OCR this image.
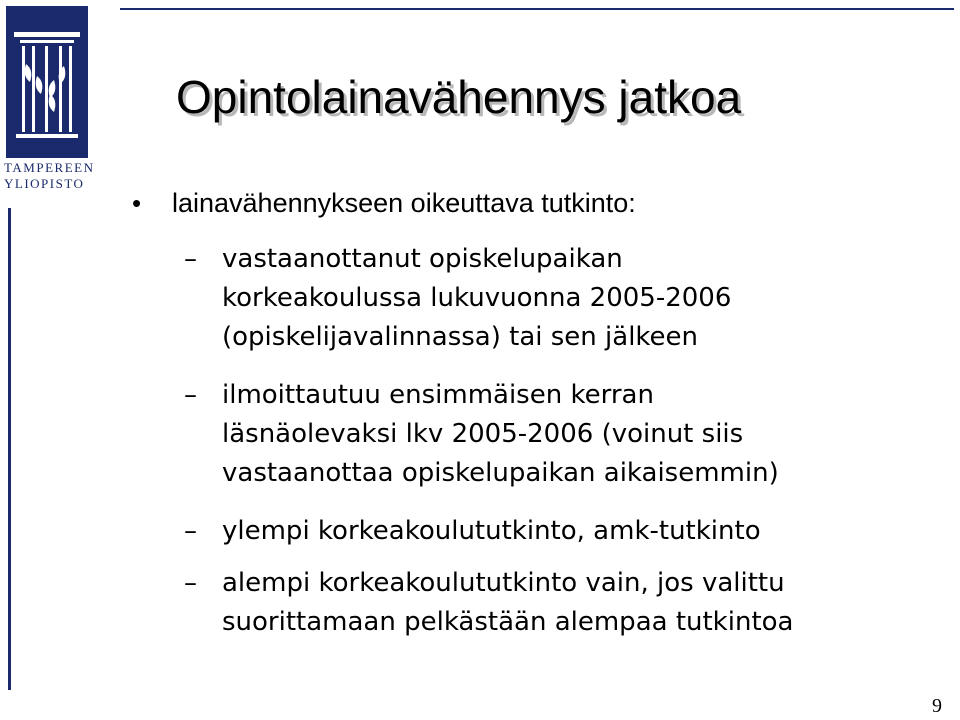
TAMPEREEN
YLIOPISTO
Opintolainavähennys jatkoa
• lainavähennykseen oikeuttava tutkinto:
– vastaanottanut opiskelupaikan
korkeakoulussa lukuvuonna 2005-2006
(opiskelijavalinnassa) tai sen jälkeen
– ilmoittautuu ensimmäisen kerran
läsnäolevaksi lkv 2005-2006 (voinut siis
vastaanottaa opiskelupaikan aikaisemmin)
– ylempi korkeakoulututkinto, amk-tutkinto
– alempi korkeakoulututkinto vain, jos valittu
suorittamaan pelkästään alempaa tutkintoa
9
